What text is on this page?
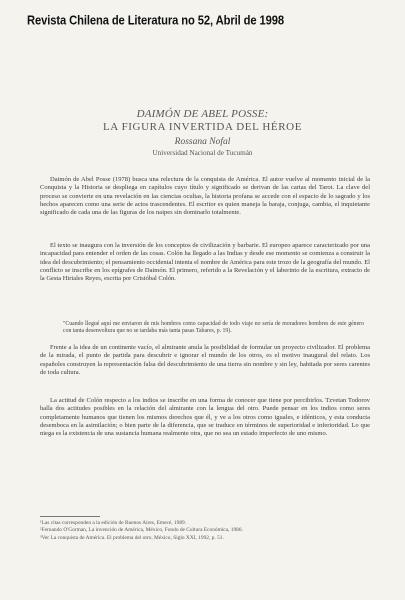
Revista Chilena de Literatura no 52, Abril de 1998
DAIMÓN DE ABEL POSSE:
LA FIGURA INVERTIDA DEL HÉROE
Rossana Nofal
Universidad Nacional de Tucumán

Daimón de Abel Posse (1978) busca una relectura de la conquista de América. El autor vuelve al momento inicial de la Conquista y la Historia se despliega en capítulos cuyo título y significado se derivan de las cartas del Tarot. La clave del proceso se convierte en una revelación en las ciencias ocultas, la historia profana se accede con el espacio de lo sagrado y los hechos aparecen como una serie de actos trascendentes. El escritor es quien maneja la baraja, conjuga, cambia, el inquietante significado de cada una de las figuras de los naipes sin dominarlo totalmente.

El texto se inaugura con la inversión de los conceptos de civilización y barbarie. El europeo aparece caracterizado por una incapacidad para entender el orden de las cosas. Colón ha llegado a las Indias y desde ese momento se comienza a construir la idea del descubrimiento; el pensamiento occidental intenta el nombre de América para este trozo de la geografía del mundo. El conflicto se inscribe en los epígrafes de Daimón. El primero, referido a la Revelación y el laberinto de la escritura, extracto de la Gesta Hiriales Reyes, escrita por Cristóbal Colón.

"Cuando llegué aquí me enviaron de mis hombres como capacidad de todo viaje no sería de moradores hombres de este género con tanta desenvoltura que no se tardaba más tanta pasas Tabares, p. 19).

Frente a la idea de un continente vacío, el almirante anula la posibilidad de formular un proyecto civilizador. El problema de la mirada, el punto de partida para descubrir e ignorar el mundo de los otros, es el motivo inaugural del relato. Los españoles construyen la representación falsa del descubrimiento de una tierra sin nombre y sin ley, habitada por seres carentes de toda cultura.

La actitud de Colón respecto a los indios se inscribe en una forma de conocer que tiene por percibirlos. Tzvetan Todorov halla dos actitudes posibles en la relación del almirante con la lengua del otro. Puede pensar en los indios como seres completamente humanos que tienen los mismos derechos que él, y ve a los otros como iguales, e idénticos, y esta conducta desemboca en la asimilación; o bien parte de la diferencia, que se traduce en términos de superioridad e inferioridad. Lo que niega es la existencia de una sustancia humana realmente otra, que no sea un estado imperfecto de uno mismo.

¹Las citas corresponden a la edición de Buenos Aires, Emecé, 1989.
²Fernando O'Gorman, La invención de América, México, Fondo de Cultura Económica, 1986.
³Ver La conquista de América. El problema del otro, México, Siglo XXI, 1992, p. 51.
